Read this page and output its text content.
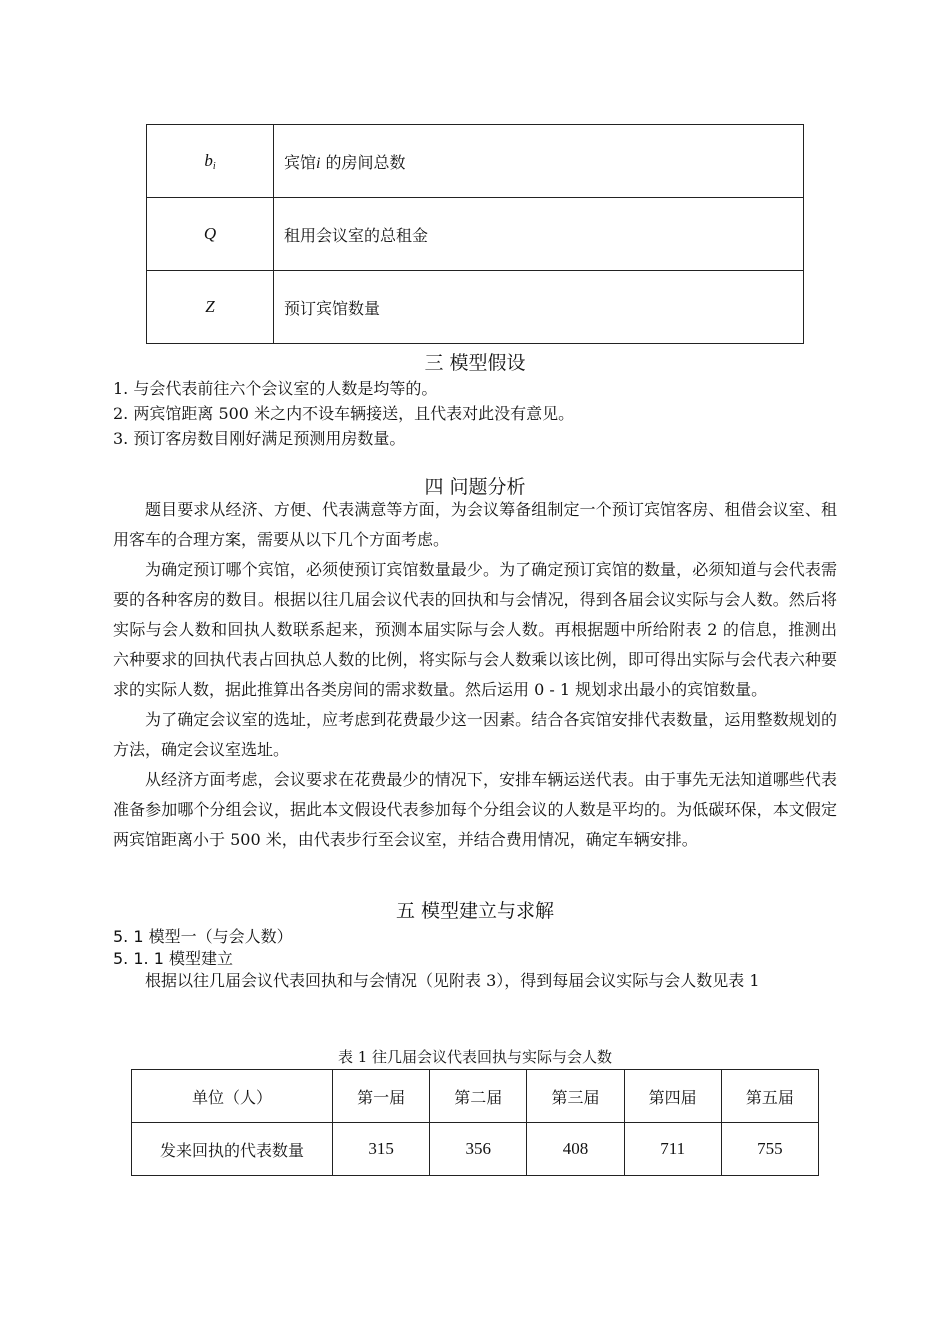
$b_i$	宾馆i 的房间总数
Q	租用会议室的总租金
Z	预订宾馆数量
三 模型假设
1. 与会代表前往六个会议室的人数是均等的。
2. 两宾馆距离 500 米之内不设车辆接送，且代表对此没有意见。
3. 预订客房数目刚好满足预测用房数量。
四 问题分析

题目要求从经济、方便、代表满意等方面，为会议筹备组制定一个预订宾馆客房、租借会议室、租用客车的合理方案，需要从以下几个方面考虑。

为确定预订哪个宾馆，必须使预订宾馆数量最少。为了确定预订宾馆的数量，必须知道与会代表需要的各种客房的数目。根据以往几届会议代表的回执和与会情况，得到各届会议实际与会人数。然后将实际与会人数和回执人数联系起来，预测本届实际与会人数。再根据题中所给附表 2 的信息，推测出六种要求的回执代表占回执总人数的比例，将实际与会人数乘以该比例，即可得出实际与会代表六种要求的实际人数，据此推算出各类房间的需求数量。然后运用 0 - 1 规划求出最小的宾馆数量。

为了确定会议室的选址，应考虑到花费最少这一因素。结合各宾馆安排代表数量，运用整数规划的方法，确定会议室选址。

从经济方面考虑，会议要求在花费最少的情况下，安排车辆运送代表。由于事先无法知道哪些代表准备参加哪个分组会议，据此本文假设代表参加每个分组会议的人数是平均的。为低碳环保，本文假定两宾馆距离小于 500 米，由代表步行至会议室，并结合费用情况，确定车辆安排。

五 模型建立与求解
5. 1 模型一（与会人数）
5. 1. 1 模型建立

根据以往几届会议代表回执和与会情况（见附表 3），得到每届会议实际与会人数见表 1

表 1 往几届会议代表回执与实际与会人数
单位（人）	第一届	第二届	第三届	第四届	第五届
发来回执的代表数量	315	356	408	711	755
